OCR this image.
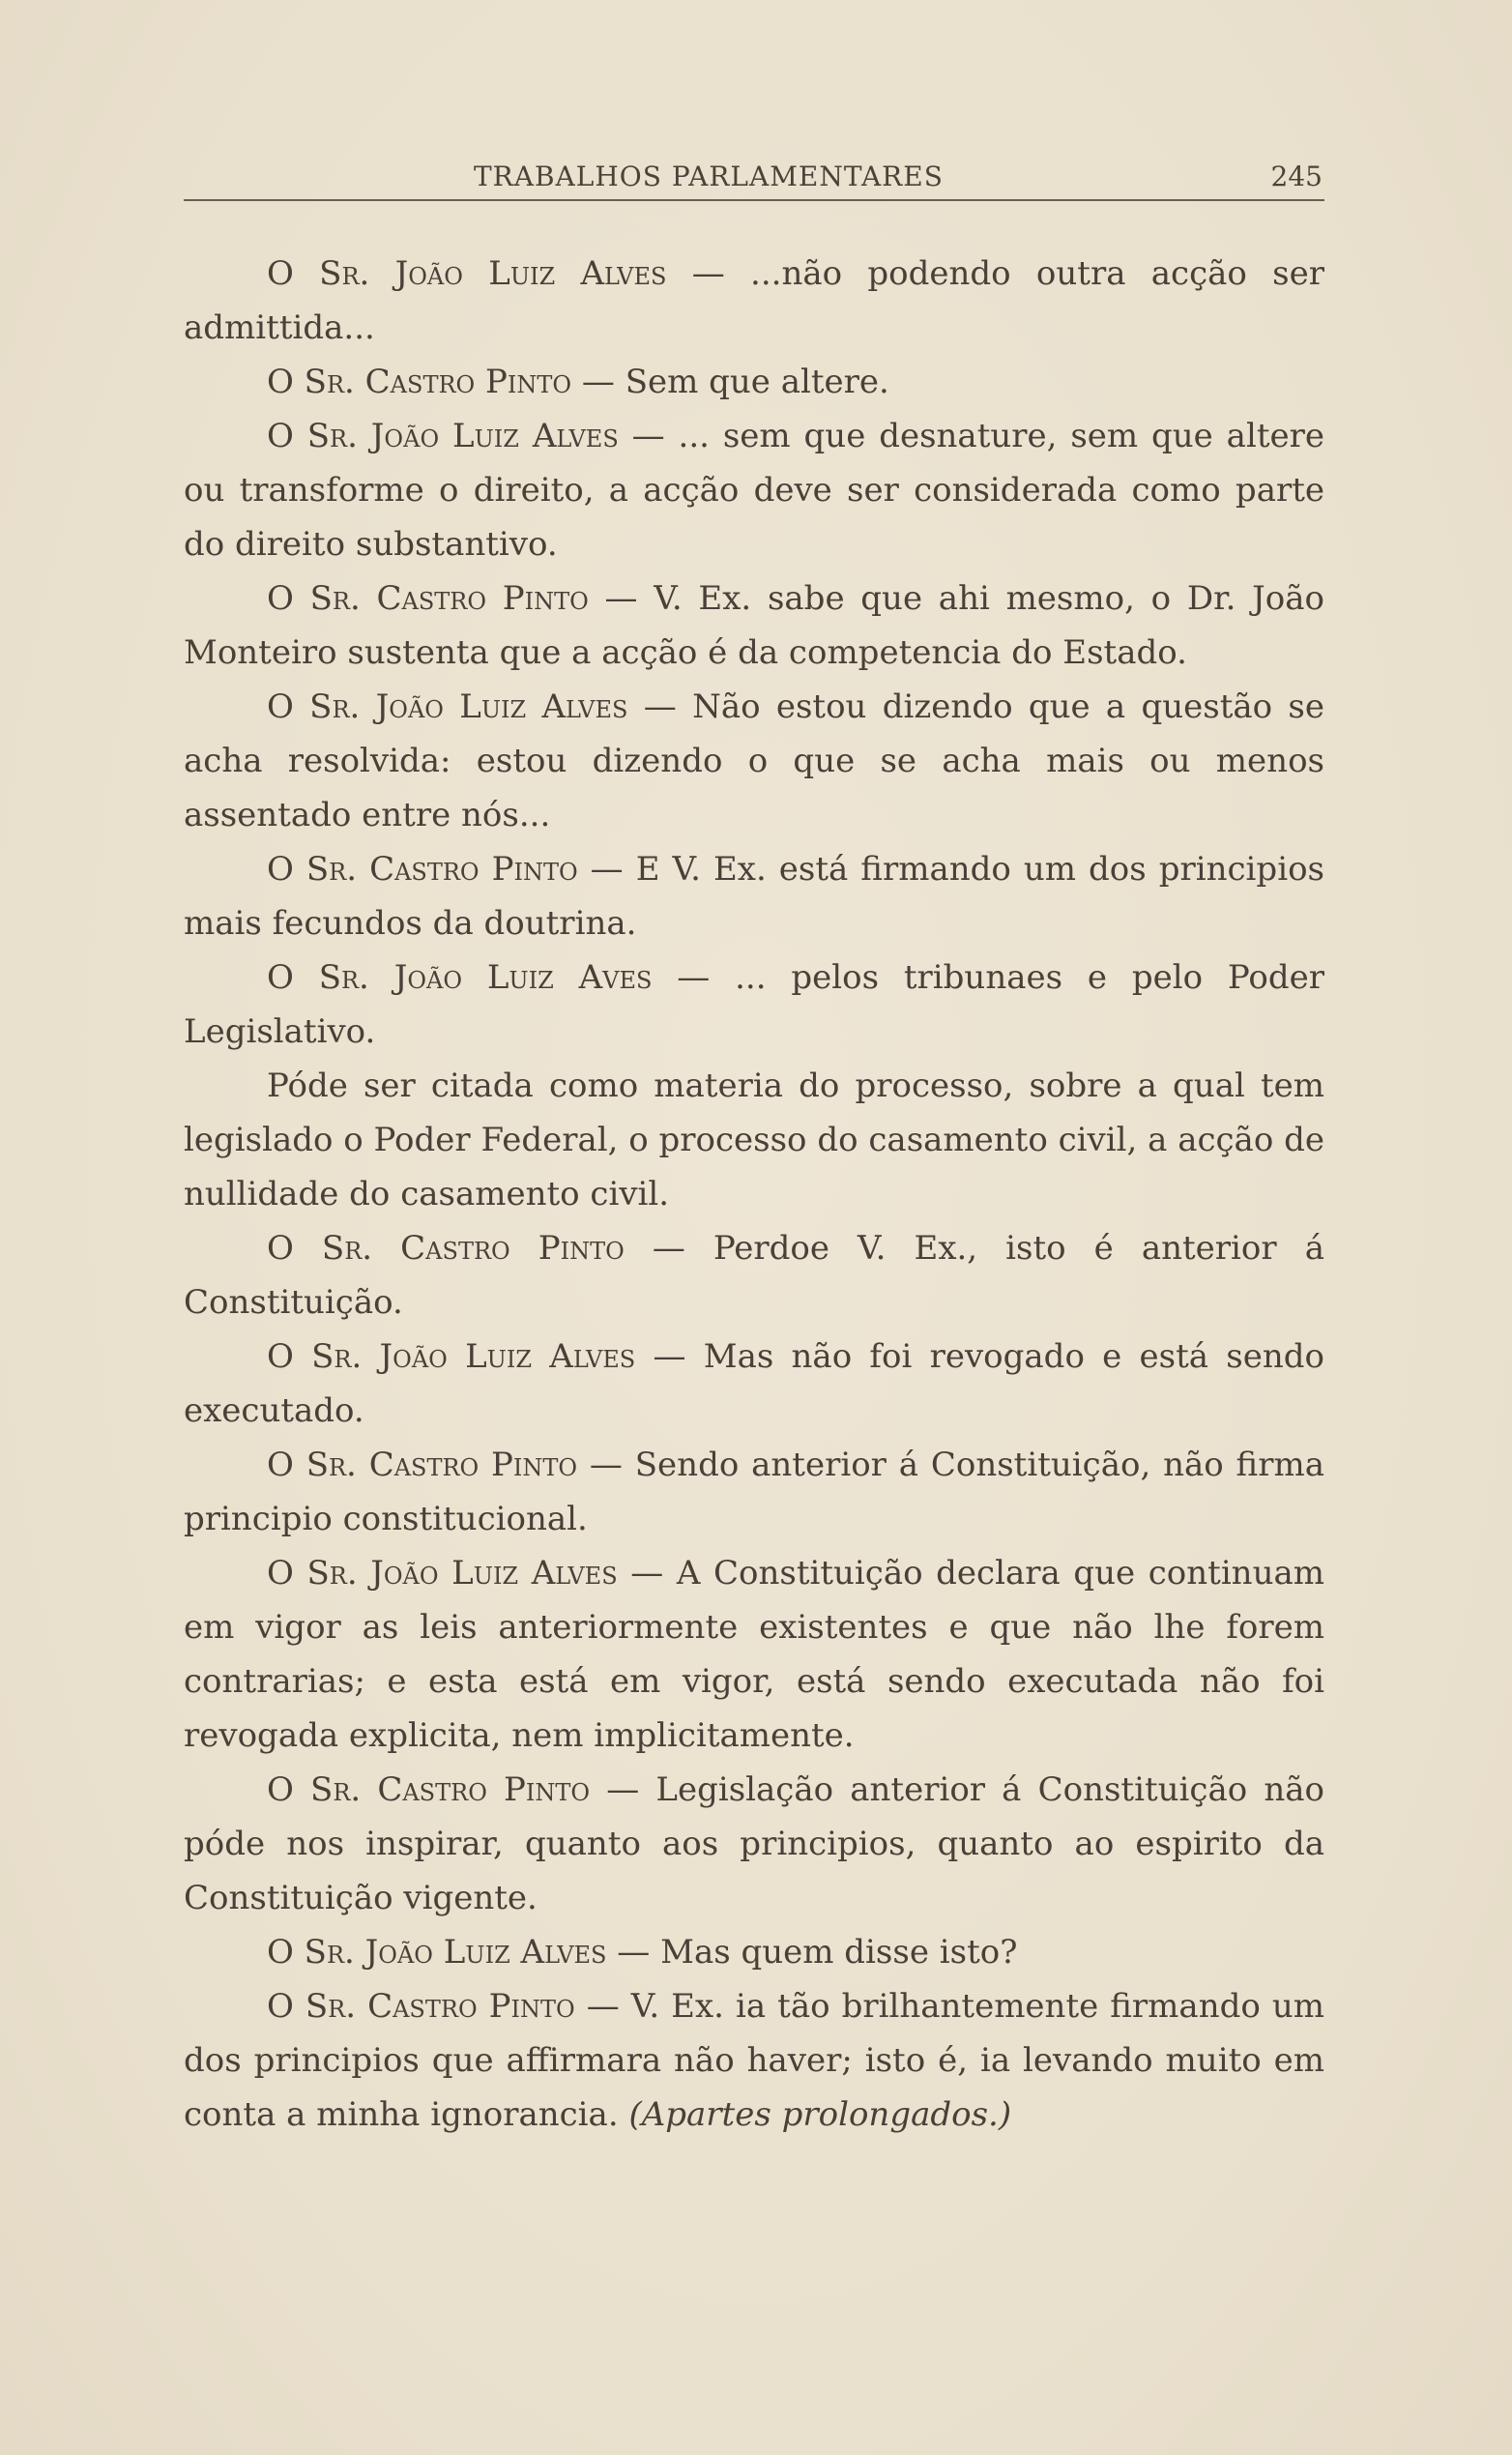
TRABALHOS PARLAMENTARES	245

O Sr. João Luiz Alves — ...não podendo outra acção ser admittida...

O Sr. Castro Pinto — Sem que altere.

O Sr. João Luiz Alves — ... sem que desnature, sem que altere ou transforme o direito, a acção deve ser considerada como parte do direito substantivo.

O Sr. Castro Pinto — V. Ex. sabe que ahi mesmo, o Dr. João Monteiro sustenta que a acção é da competencia do Estado.

O Sr. João Luiz Alves — Não estou dizendo que a questão se acha resolvida: estou dizendo o que se acha mais ou menos assentado entre nós...

O Sr. Castro Pinto — E V. Ex. está firmando um dos principios mais fecundos da doutrina.

O Sr. João Luiz Aves — ... pelos tribunaes e pelo Poder Legislativo.

Póde ser citada como materia do processo, sobre a qual tem legislado o Poder Federal, o processo do casamento civil, a acção de nullidade do casamento civil.

O Sr. Castro Pinto — Perdoe V. Ex., isto é anterior á Constituição.

O Sr. João Luiz Alves — Mas não foi revogado e está sendo executado.

O Sr. Castro Pinto — Sendo anterior á Constituição, não firma principio constitucional.

O Sr. João Luiz Alves — A Constituição declara que continuam em vigor as leis anteriormente existentes e que não lhe forem contrarias; e esta está em vigor, está sendo executada não foi revogada explicita, nem implicitamente.

O Sr. Castro Pinto — Legislação anterior á Constituição não póde nos inspirar, quanto aos principios, quanto ao espirito da Constituição vigente.

O Sr. João Luiz Alves — Mas quem disse isto?

O Sr. Castro Pinto — V. Ex. ia tão brilhantemente firmando um dos principios que affirmara não haver; isto é, ia levando muito em conta a minha ignorancia. (Apartes prolongados.)
